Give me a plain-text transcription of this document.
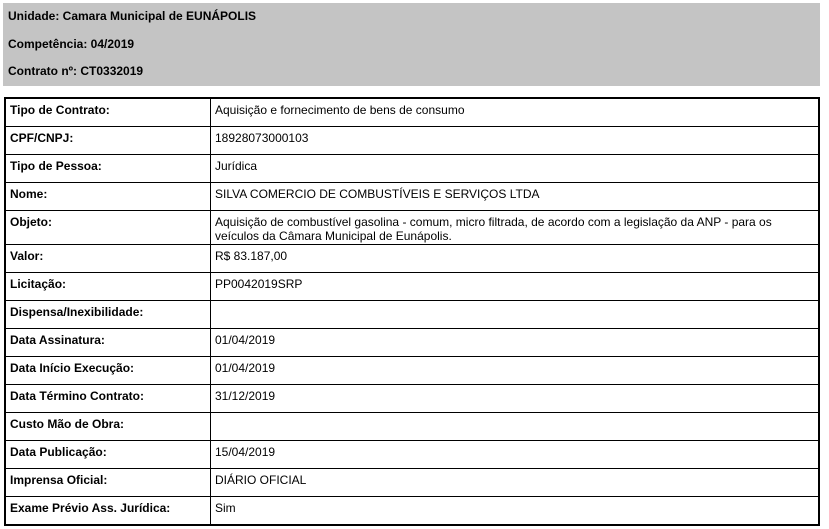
Unidade: Camara Municipal de EUNÁPOLIS
Competência: 04/2019
Contrato nº: CT0332019
Tipo de Contrato:	Aquisição e fornecimento de bens de consumo
CPF/CNPJ:	18928073000103
Tipo de Pessoa:	Jurídica
Nome:	SILVA COMERCIO DE COMBUSTÍVEIS E SERVIÇOS LTDA
Objeto:	Aquisição de combustível gasolina - comum, micro filtrada, de acordo com a legislação da ANP - para os veículos da Câmara Municipal de Eunápolis.
Valor:	R$ 83.187,00
Licitação:	PP0042019SRP
Dispensa/Inexibilidade:	
Data Assinatura:	01/04/2019
Data Início Execução:	01/04/2019
Data Término Contrato:	31/12/2019
Custo Mão de Obra:	
Data Publicação:	15/04/2019
Imprensa Oficial:	DIÁRIO OFICIAL
Exame Prévio Ass. Jurídica:	Sim
